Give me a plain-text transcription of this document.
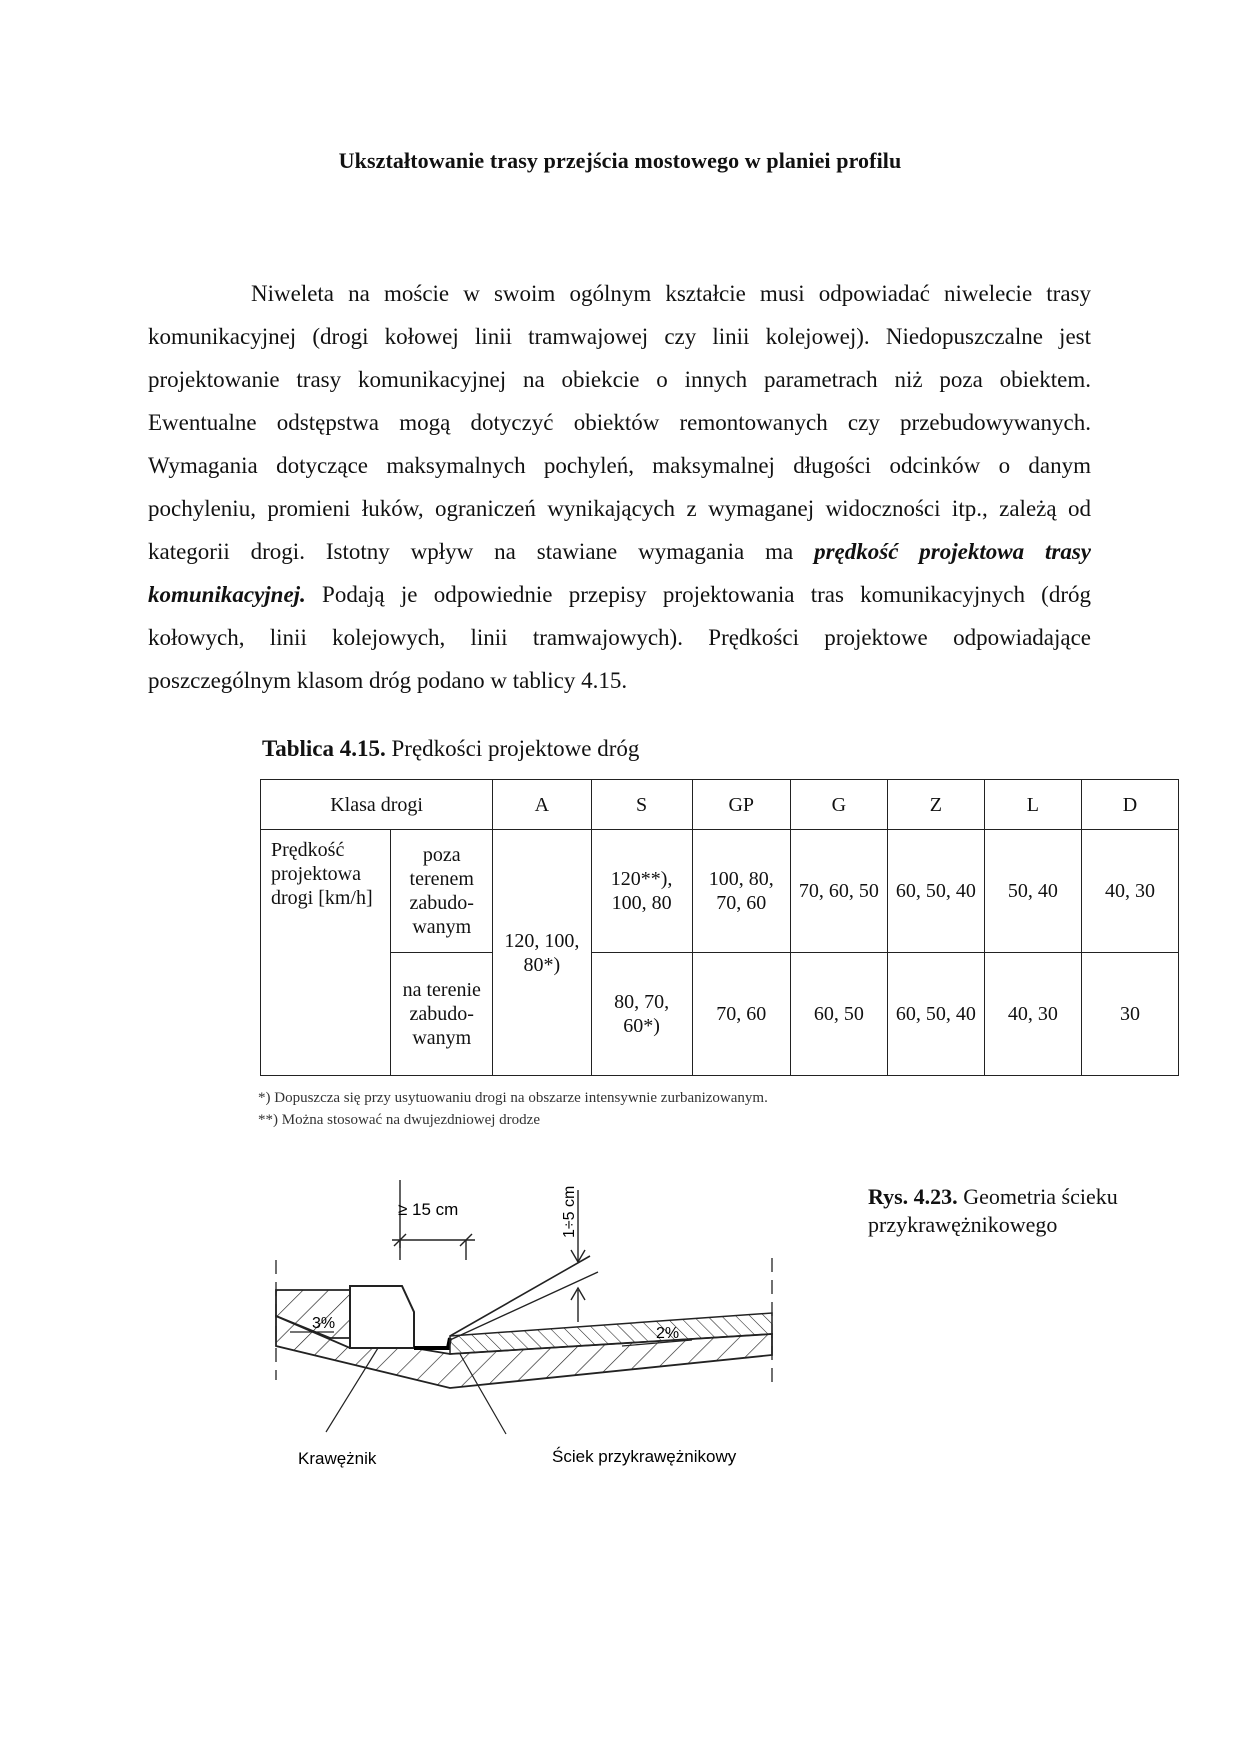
Ukształtowanie trasy przejścia mostowego w planiei profilu

Niweleta na moście w swoim ogólnym kształcie musi odpowiadać niwelecie trasy komunikacyjnej (drogi kołowej linii tramwajowej czy linii kolejowej). Niedopuszczalne jest projektowanie trasy komunikacyjnej na obiekcie o innych parametrach niż poza obiektem. Ewentualne odstępstwa mogą dotyczyć obiektów remontowanych czy przebudowywanych. Wymagania dotyczące maksymalnych pochyleń, maksymalnej długości odcinków o danym pochyleniu, promieni łuków, ograniczeń wynikających z wymaganej widoczności itp., zależą od kategorii drogi. Istotny wpływ na stawiane wymagania ma prędkość projektowa trasy komunikacyjnej. Podają je odpowiednie przepisy projektowania tras komunikacyjnych (dróg kołowych, linii kolejowych, linii tramwajowych). Prędkości projektowe odpowiadające poszczególnym klasom dróg podano w tablicy 4.15.

Tablica 4.15. Prędkości projektowe dróg
Klasa drogi		A	S	GP	G	Z	L	D
Prędkość projektowa drogi [km/h]	poza terenem zabudo-wanym	120, 100, 80*)	120**), 100, 80	100, 80, 70, 60	70, 60, 50	60, 50, 40	50, 40	40, 30
	na terenie zabudo-wanym		80, 70, 60*)	70, 60	60, 50	60, 50, 40	40, 30	30
*) Dopuszcza się przy usytuowaniu drogi na obszarze intensywnie zurbanizowanym.
**) Można stosować na dwujezdniowej drodze
Rys. 4.23. Geometria ścieku przykrawężnikowego
≥ 15 cm	1÷5 cm
3%
2%
Krawężnik	Ściek przykrawężnikowy
